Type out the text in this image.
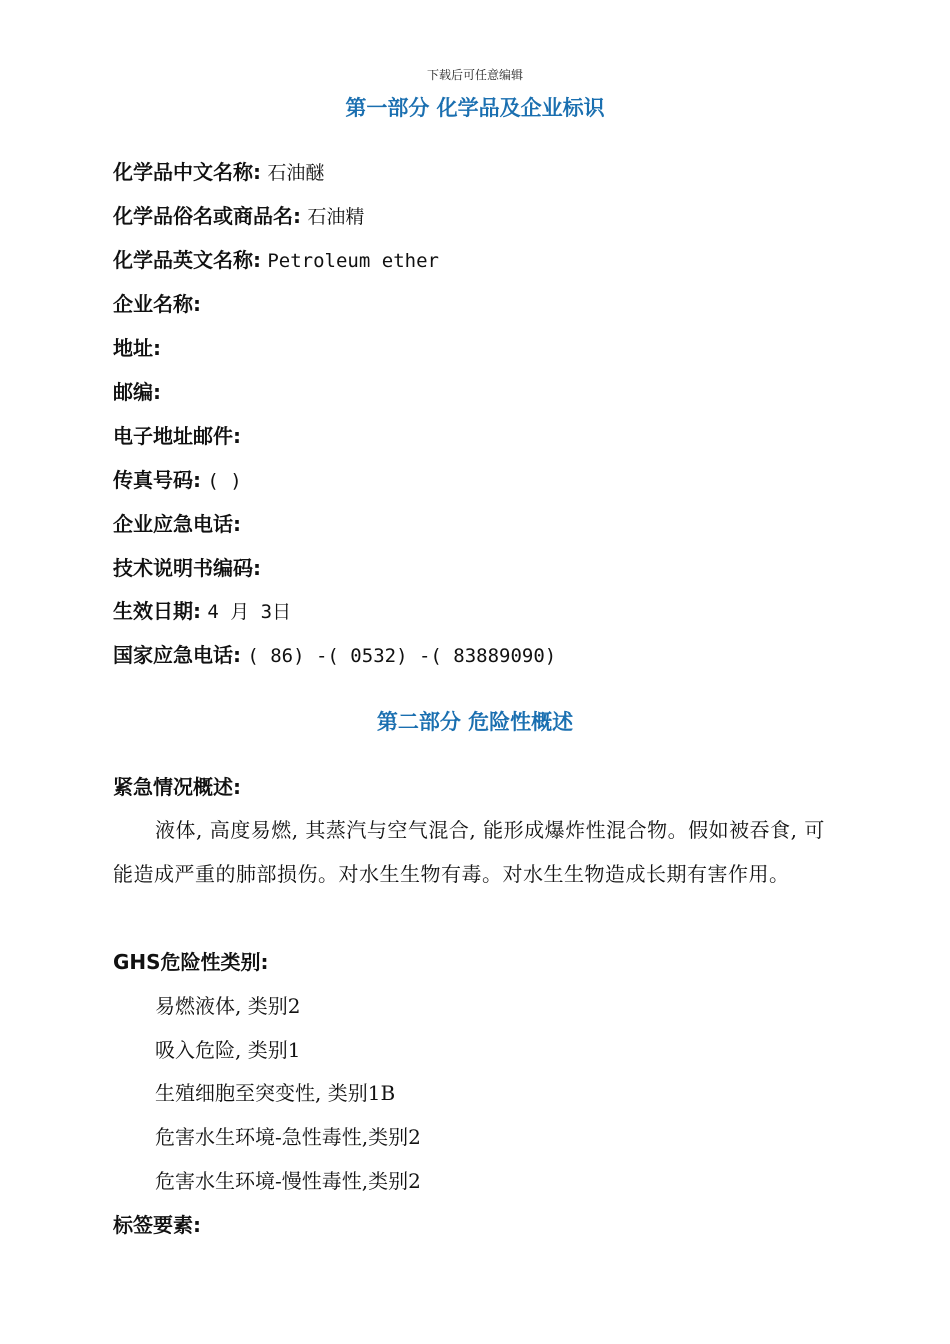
下载后可任意编辑
第一部分 化学品及企业标识
化学品中文名称: 石油醚
化学品俗名或商品名: 石油精
化学品英文名称: Petroleum ether
企业名称:
地址:
邮编:
电子地址邮件:
传真号码: ( )
企业应急电话:
技术说明书编码:
生效日期: 4 月 3日
国家应急电话: ( 86) -( 0532) -( 83889090)
第二部分 危险性概述
紧急情况概述:
液体, 高度易燃, 其蒸汽与空气混合, 能形成爆炸性混合物。假如被吞食, 可能造成严重的肺部损伤。对水生生物有毒。对水生生物造成长期有害作用。
GHS危险性类别:
易燃液体, 类别2
吸入危险, 类别1
生殖细胞至突变性, 类别1B
危害水生环境-急性毒性,类别2
危害水生环境-慢性毒性,类别2
标签要素:
